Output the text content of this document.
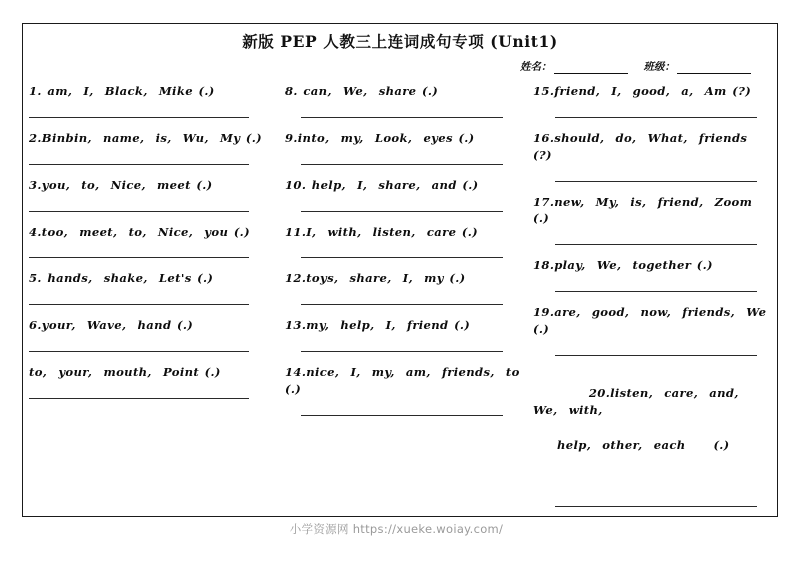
新版 PEP 人教三上连词成句专项 (Unit1)
姓名：	班级：
1. am,  I,  Black,  Mike (.)
2.Binbin,  name,  is,  Wu,  My (.)
3.you,  to,  Nice,  meet (.)
4.too,  meet,  to,  Nice,  you (.)
5. hands,  shake,  Let's (.)
6.your,  Wave,  hand (.)
to,  your,  mouth,  Point (.)
8. can,  We,  share (.)
9.into,  my,  Look,  eyes (.)
10. help,  I,  share,  and (.)
11.I,  with,  listen,  care (.)
12.toys,  share,  I,  my (.)
13.my,  help,  I,  friend (.)
14.nice,  I,  my,  am,  friends,  to (.)
15.friend,  I,  good,  a,  Am (?)
16.should,  do,  What,  friends (?)
17.new,  My,  is,  friend,  Zoom (.)
18.play,  We,  together (.)
19.are,  good,  now,  friends,  We (.)

20.listen,  care,  and,  We,  with,

help,  other,  each     (.)

小学资源网 https://xueke.woiay.com/
